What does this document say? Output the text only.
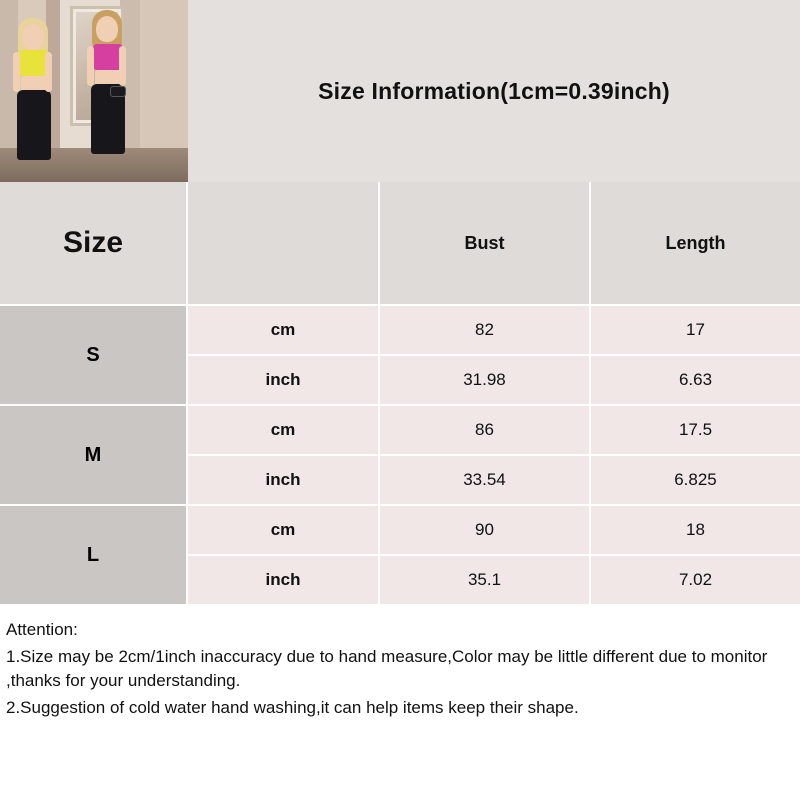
Size Information(1cm=0.39inch)
Size	Bust	Length
S
cm	82	17
inch	31.98	6.63
M
cm	86	17.5
inch	33.54	6.825
L
cm	90	18
inch	35.1	7.02

Attention:

1.Size may be 2cm/1inch inaccuracy due to hand measure,Color may be little different due to monitor ,thanks for your understanding.

2.Suggestion of cold water hand washing,it can help items keep their shape.
